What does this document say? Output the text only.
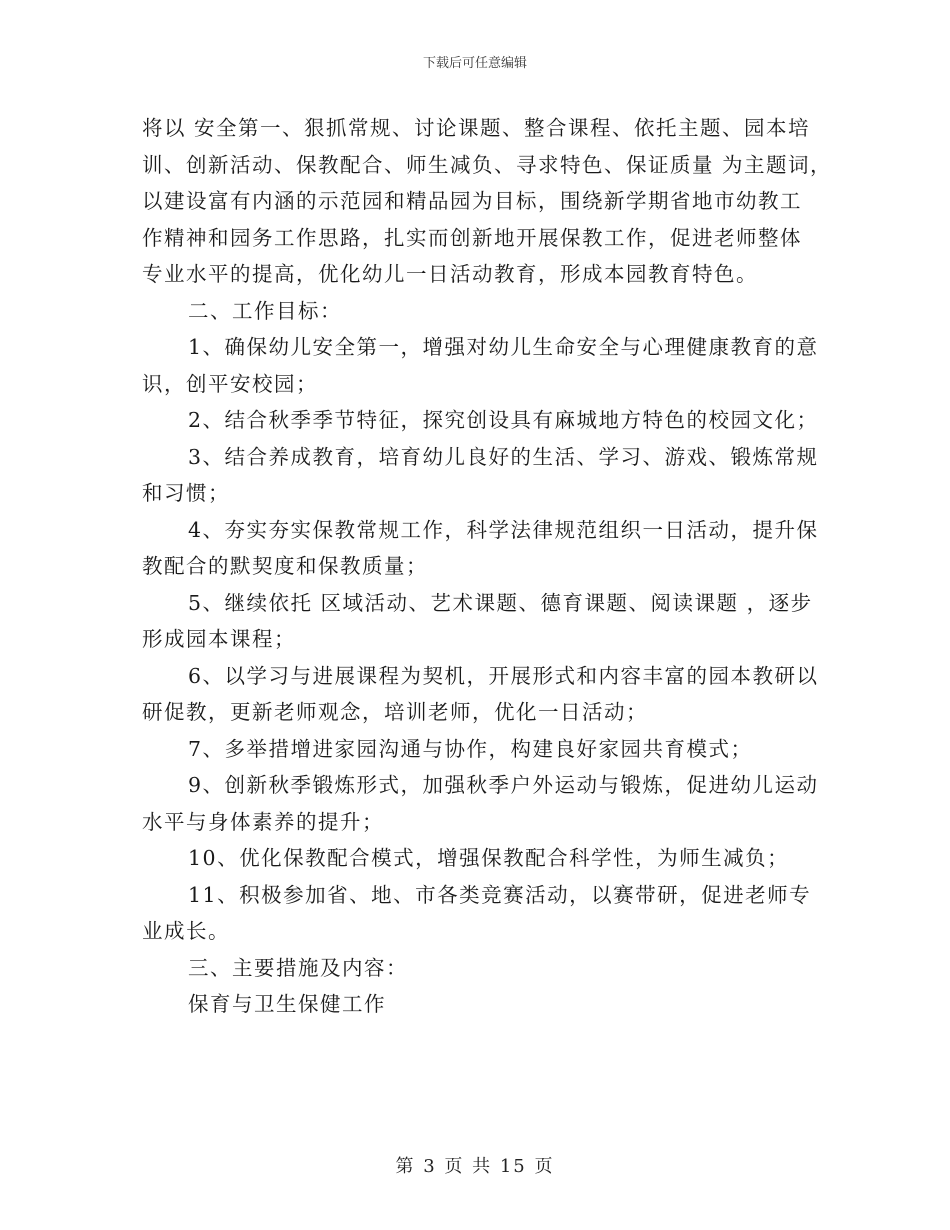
下载后可任意编辑
将以 安全第一、狠抓常规、讨论课题、整合课程、依托主题、园本培
训、创新活动、保教配合、师生减负、寻求特色、保证质量 为主题词，
以建设富有内涵的示范园和精品园为目标，围绕新学期省地市幼教工
作精神和园务工作思路，扎实而创新地开展保教工作，促进老师整体
专业水平的提高，优化幼儿一日活动教育，形成本园教育特色。
二、工作目标：
1、确保幼儿安全第一，增强对幼儿生命安全与心理健康教育的意
识，创平安校园；
2、结合秋季季节特征，探究创设具有麻城地方特色的校园文化；
3、结合养成教育，培育幼儿良好的生活、学习、游戏、锻炼常规
和习惯；
4、夯实夯实保教常规工作，科学法律规范组织一日活动，提升保
教配合的默契度和保教质量；
5、继续依托 区域活动、艺术课题、德育课题、阅读课题 ，逐步
形成园本课程；
6、以学习与进展课程为契机，开展形式和内容丰富的园本教研以
研促教，更新老师观念，培训老师，优化一日活动；
7、多举措增进家园沟通与协作，构建良好家园共育模式；
9、创新秋季锻炼形式，加强秋季户外运动与锻炼，促进幼儿运动
水平与身体素养的提升；
10、优化保教配合模式，增强保教配合科学性，为师生减负；
11、积极参加省、地、市各类竞赛活动，以赛带研，促进老师专
业成长。
三、主要措施及内容：
保育与卫生保健工作
第 3 页 共 15 页
